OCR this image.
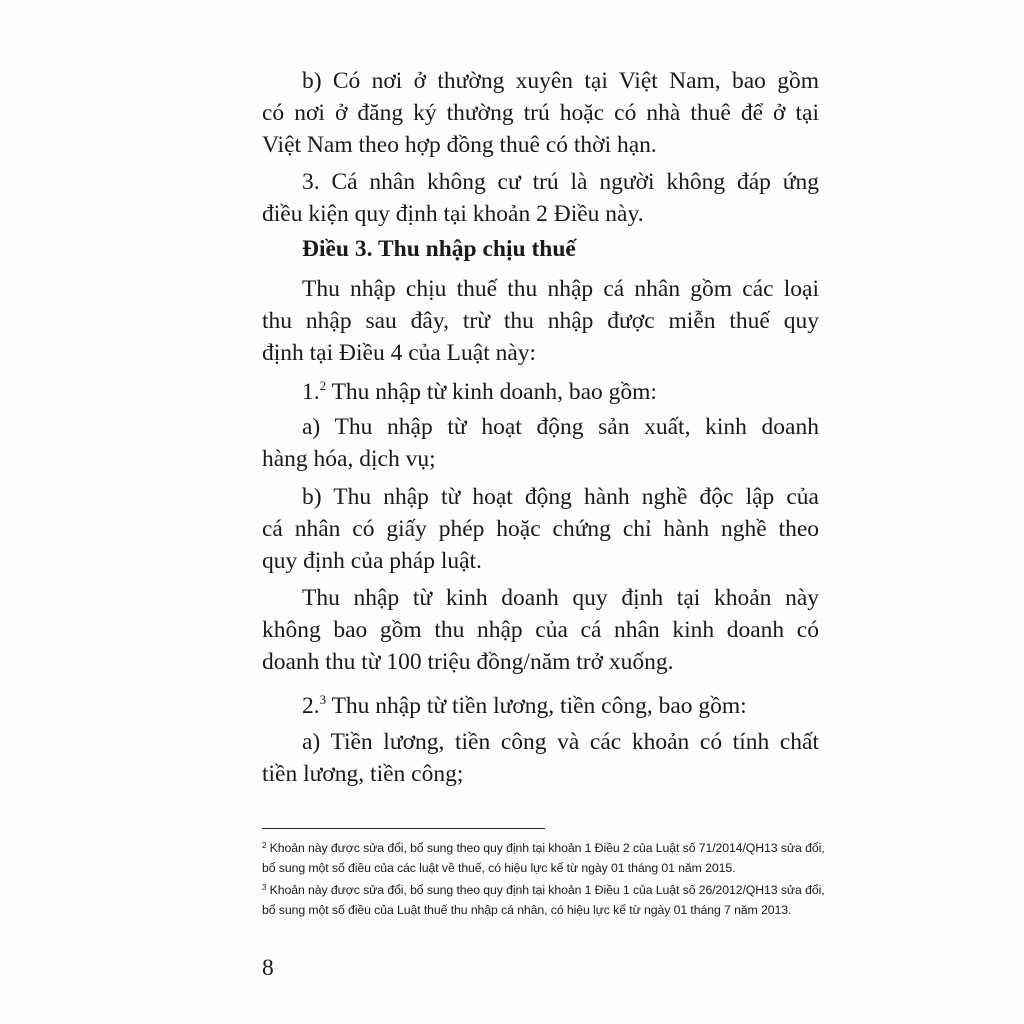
b) Có nơi ở thường xuyên tại Việt Nam, bao gồm
có nơi ở đăng ký thường trú hoặc có nhà thuê để ở tại
Việt Nam theo hợp đồng thuê có thời hạn.
3. Cá nhân không cư trú là người không đáp ứng
điều kiện quy định tại khoản 2 Điều này.
Điều 3. Thu nhập chịu thuế
Thu nhập chịu thuế thu nhập cá nhân gồm các loại
thu nhập sau đây, trừ thu nhập được miễn thuế quy
định tại Điều 4 của Luật này:
1.$^2$ Thu nhập từ kinh doanh, bao gồm:
a) Thu nhập từ hoạt động sản xuất, kinh doanh
hàng hóa, dịch vụ;
b) Thu nhập từ hoạt động hành nghề độc lập của
cá nhân có giấy phép hoặc chứng chỉ hành nghề theo
quy định của pháp luật.
Thu nhập từ kinh doanh quy định tại khoản này
không bao gồm thu nhập của cá nhân kinh doanh có
doanh thu từ 100 triệu đồng/năm trở xuống.
2.$^3$ Thu nhập từ tiền lương, tiền công, bao gồm:
a) Tiền lương, tiền công và các khoản có tính chất
tiền lương, tiền công;
$^2$ Khoản này được sửa đổi, bổ sung theo quy định tại khoản 1 Điều 2 của Luật số 71/2014/QH13 sửa đổi,
bổ sung một số điều của các luật về thuế, có hiệu lực kể từ ngày 01 tháng 01 năm 2015.
$^3$ Khoản này được sửa đổi, bổ sung theo quy định tại khoản 1 Điều 1 của Luật số 26/2012/QH13 sửa đổi,
bổ sung một số điều của Luật thuế thu nhập cá nhân, có hiệu lực kể từ ngày 01 tháng 7 năm 2013.
8
